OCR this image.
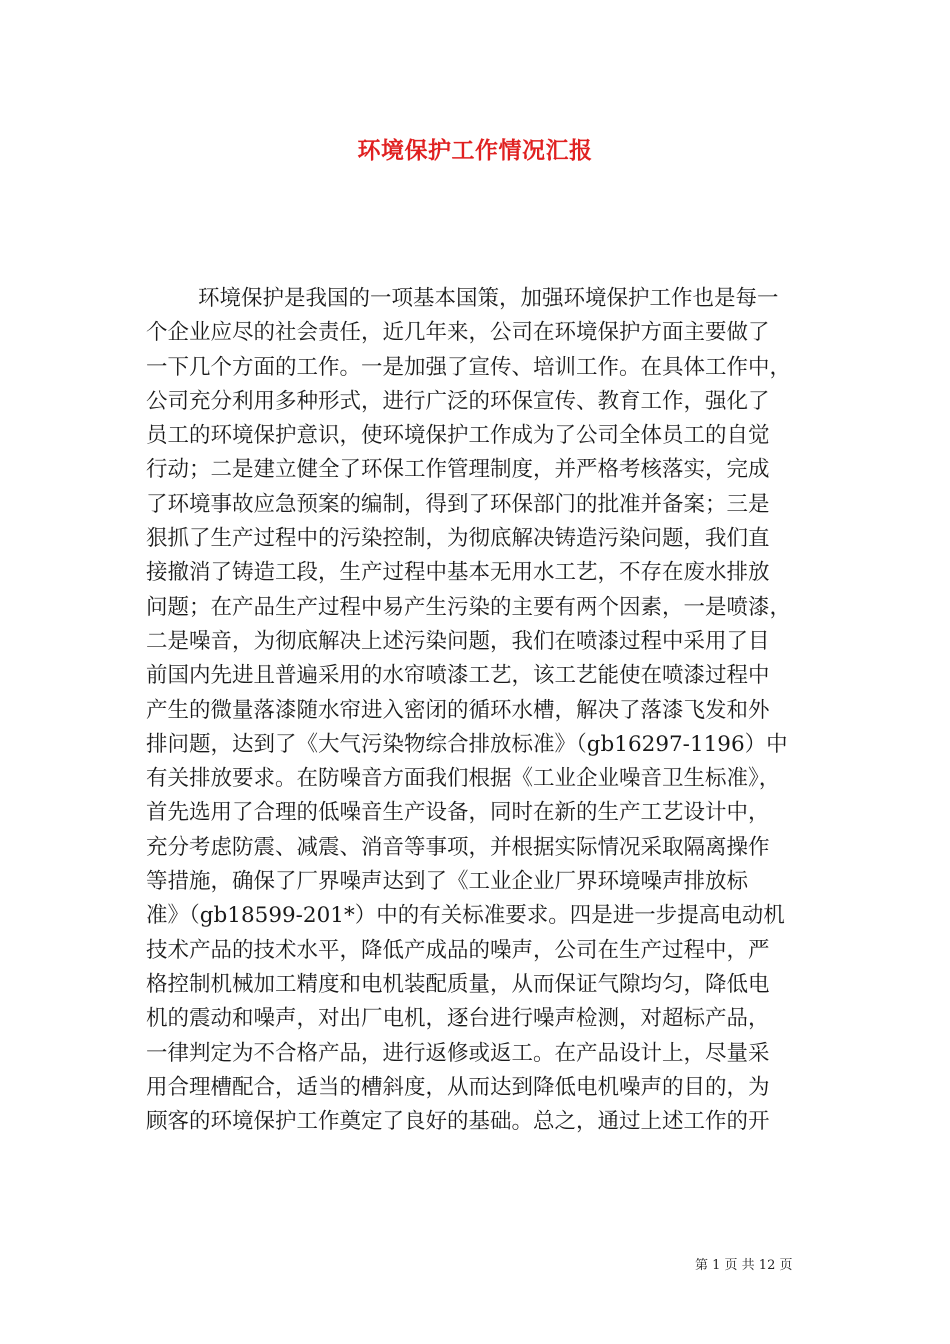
环境保护工作情况汇报
环境保护是我国的一项基本国策，加强环境保护工作也是每一
个企业应尽的社会责任，近几年来，公司在环境保护方面主要做了
一下几个方面的工作。一是加强了宣传、培训工作。在具体工作中，
公司充分利用多种形式，进行广泛的环保宣传、教育工作，强化了
员工的环境保护意识，使环境保护工作成为了公司全体员工的自觉
行动；二是建立健全了环保工作管理制度，并严格考核落实，完成
了环境事故应急预案的编制，得到了环保部门的批准并备案；三是
狠抓了生产过程中的污染控制，为彻底解决铸造污染问题，我们直
接撤消了铸造工段，生产过程中基本无用水工艺，不存在废水排放
问题；在产品生产过程中易产生污染的主要有两个因素，一是喷漆，
二是噪音，为彻底解决上述污染问题，我们在喷漆过程中采用了目
前国内先进且普遍采用的水帘喷漆工艺，该工艺能使在喷漆过程中
产生的微量落漆随水帘进入密闭的循环水槽，解决了落漆飞发和外
排问题，达到了《大气污染物综合排放标准》（gb16297-1196）中
有关排放要求。在防噪音方面我们根据《工业企业噪音卫生标准》，
首先选用了合理的低噪音生产设备，同时在新的生产工艺设计中，
充分考虑防震、减震、消音等事项，并根据实际情况采取隔离操作
等措施，确保了厂界噪声达到了《工业企业厂界环境噪声排放标
准》（gb18599-201*）中的有关标准要求。四是进一步提高电动机
技术产品的技术水平，降低产成品的噪声，公司在生产过程中，严
格控制机械加工精度和电机装配质量，从而保证气隙均匀，降低电
机的震动和噪声，对出厂电机，逐台进行噪声检测，对超标产品，
一律判定为不合格产品，进行返修或返工。在产品设计上，尽量采
用合理槽配合，适当的槽斜度，从而达到降低电机噪声的目的，为
顾客的环境保护工作奠定了良好的基础。总之，通过上述工作的开
第 1 页 共 12 页
